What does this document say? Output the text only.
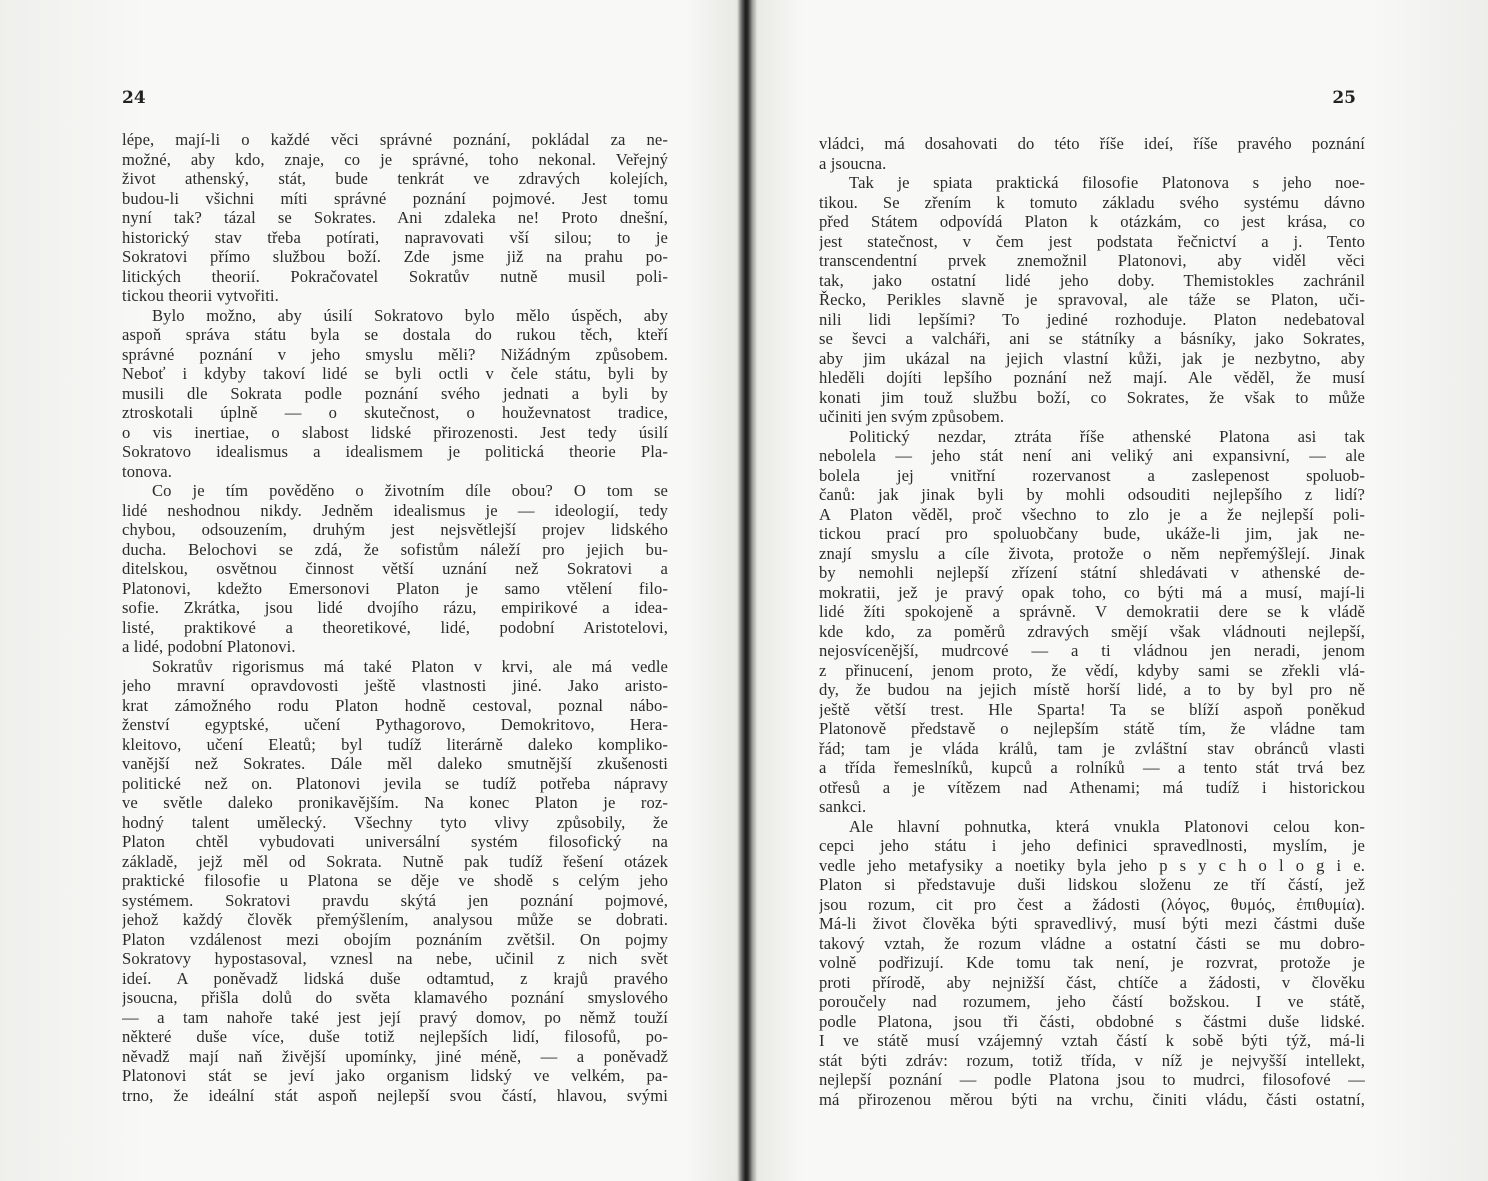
24
lépe, mají-li o každé věci správné poznání, pokládal za ne-
možné, aby kdo, znaje, co je správné, toho nekonal. Veřejný
život athenský, stát, bude tenkrát ve zdravých kolejích,
budou-li všichni míti správné poznání pojmové. Jest tomu
nyní tak? tázal se Sokrates. Ani zdaleka ne! Proto dnešní,
historický stav třeba potírati, napravovati vší silou; to je
Sokratovi přímo službou boží. Zde jsme již na prahu po-
litických theorií. Pokračovatel Sokratův nutně musil poli-
tickou theorii vytvořiti.
Bylo možno, aby úsilí Sokratovo bylo mělo úspěch, aby
aspoň správa státu byla se dostala do rukou těch, kteří
správné poznání v jeho smyslu měli? Nižádným způsobem.
Neboť i kdyby takoví lidé se byli octli v čele státu, byli by
musili dle Sokrata podle poznání svého jednati a byli by
ztroskotali úplně — o skutečnost, o houževnatost tradice,
o vis inertiae, o slabost lidské přirozenosti. Jest tedy úsilí
Sokratovo idealismus a idealismem je politická theorie Pla-
tonova.
Co je tím pověděno o životním díle obou? O tom se
lidé neshodnou nikdy. Jedněm idealismus je — ideologií, tedy
chybou, odsouzením, druhým jest nejsvětlejší projev lidského
ducha. Belochovi se zdá, že sofistům náleží pro jejich bu-
ditelskou, osvětnou činnost větší uznání než Sokratovi a
Platonovi, kdežto Emersonovi Platon je samo vtělení filo-
sofie. Zkrátka, jsou lidé dvojího rázu, empirikové a idea-
listé, praktikové a theoretikové, lidé, podobní Aristotelovi,
a lidé, podobní Platonovi.
Sokratův rigorismus má také Platon v krvi, ale má vedle
jeho mravní opravdovosti ještě vlastnosti jiné. Jako aristo-
krat zámožného rodu Platon hodně cestoval, poznal nábo-
ženství egyptské, učení Pythagorovo, Demokritovo, Hera-
kleitovo, učení Eleatů; byl tudíž literárně daleko kompliko-
vanější než Sokrates. Dále měl daleko smutnější zkušenosti
politické než on. Platonovi jevila se tudíž potřeba nápravy
ve světle daleko pronikavějším. Na konec Platon je roz-
hodný talent umělecký. Všechny tyto vlivy způsobily, že
Platon chtěl vybudovati universální systém filosofický na
základě, jejž měl od Sokrata. Nutně pak tudíž řešení otázek
praktické filosofie u Platona se děje ve shodě s celým jeho
systémem. Sokratovi pravdu skýtá jen poznání pojmové,
jehož každý člověk přemýšlením, analysou může se dobrati.
Platon vzdálenost mezi obojím poznáním zvětšil. On pojmy
Sokratovy hypostasoval, vznesl na nebe, učinil z nich svět
ideí. A poněvadž lidská duše odtamtud, z krajů pravého
jsoucna, přišla dolů do světa klamavého poznání smyslového
— a tam nahoře také jest její pravý domov, po němž touží
některé duše více, duše totiž nejlepších lidí, filosofů, po-
něvadž mají naň živější upomínky, jiné méně, — a poněvadž
Platonovi stát se jeví jako organism lidský ve velkém, pa-
trno, že ideální stát aspoň nejlepší svou částí, hlavou, svými
25
vládci, má dosahovati do této říše ideí, říše pravého poznání
a jsoucna.
Tak je spiata praktická filosofie Platonova s jeho noe-
tikou. Se zřením k tomuto základu svého systému dávno
před Státem odpovídá Platon k otázkám, co jest krása, co
jest statečnost, v čem jest podstata řečnictví a j. Tento
transcendentní prvek znemožnil Platonovi, aby viděl věci
tak, jako ostatní lidé jeho doby. Themistokles zachránil
Řecko, Perikles slavně je spravoval, ale táže se Platon, uči-
nili lidi lepšími? To jediné rozhoduje. Platon nedebatoval
se ševci a valcháři, ani se státníky a básníky, jako Sokrates,
aby jim ukázal na jejich vlastní kůži, jak je nezbytno, aby
hleděli dojíti lepšího poznání než mají. Ale věděl, že musí
konati jim touž službu boží, co Sokrates, že však to může
učiniti jen svým způsobem.
Politický nezdar, ztráta říše athenské Platona asi tak
nebolela — jeho stát není ani veliký ani expansivní, — ale
bolela jej vnitřní rozervanost a zaslepenost spoluob-
čanů: jak jinak byli by mohli odsouditi nejlepšího z lidí?
A Platon věděl, proč všechno to zlo je a že nejlepší poli-
tickou prací pro spoluobčany bude, ukáže-li jim, jak ne-
znají smyslu a cíle života, protože o něm nepřemýšlejí. Jinak
by nemohli nejlepší zřízení státní shledávati v athenské de-
mokratii, jež je pravý opak toho, co býti má a musí, mají-li
lidé žíti spokojeně a správně. V demokratii dere se k vládě
kde kdo, za poměrů zdravých smějí však vládnouti nejlepší,
nejosvícenější, mudrcové — a ti vládnou jen neradi, jenom
z přinucení, jenom proto, že vědí, kdyby sami se zřekli vlá-
dy, že budou na jejich místě horší lidé, a to by byl pro ně
ještě větší trest. Hle Sparta! Ta se blíží aspoň poněkud
Platonově představě o nejlepším státě tím, že vládne tam
řád; tam je vláda králů, tam je zvláštní stav obránců vlasti
a třída řemeslníků, kupců a rolníků — a tento stát trvá bez
otřesů a je vítězem nad Athenami; má tudíž i historickou
sankci.
Ale hlavní pohnutka, která vnukla Platonovi celou kon-
cepci jeho státu i jeho definici spravedlnosti, myslím, je
vedle jeho metafysiky a noetiky byla jeho p s y c h o l o g i e.
Platon si představuje duši lidskou složenu ze tří částí, jež
jsou rozum, cit pro čest a žádosti (λόγος, θυμός, ἐπιθυμία).
Má-li život člověka býti spravedlivý, musí býti mezi částmi duše
takový vztah, že rozum vládne a ostatní části se mu dobro-
volně podřizují. Kde tomu tak není, je rozvrat, protože je
proti přírodě, aby nejnižší část, chtíče a žádosti, v člověku
poroučely nad rozumem, jeho částí božskou. I ve státě,
podle Platona, jsou tři části, obdobné s částmi duše lidské.
I ve státě musí vzájemný vztah částí k sobě býti týž, má-li
stát býti zdráv: rozum, totiž třída, v níž je nejvyšší intellekt,
nejlepší poznání — podle Platona jsou to mudrci, filosofové —
má přirozenou měrou býti na vrchu, činiti vládu, části ostatní,
